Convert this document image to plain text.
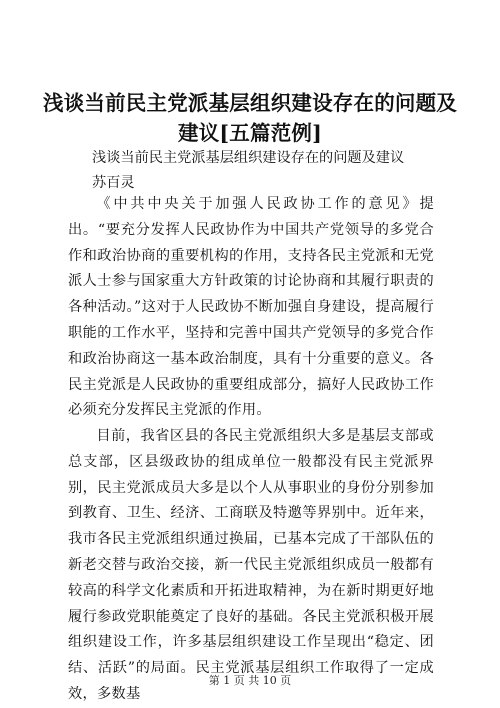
浅谈当前民主党派基层组织建设存在的问题及建议[五篇范例]
浅谈当前民主党派基层组织建设存在的问题及建议
苏百灵

《中共中央关于加强人民政协工作的意见》提出。“要充分发挥人民政协作为中国共产党领导的多党合作和政治协商的重要机构的作用，支持各民主党派和无党派人士参与国家重大方针政策的讨论协商和其履行职责的各种活动。”这对于人民政协不断加强自身建设，提高履行职能的工作水平，坚持和完善中国共产党领导的多党合作和政治协商这一基本政治制度，具有十分重要的意义。各民主党派是人民政协的重要组成部分，搞好人民政协工作必须充分发挥民主党派的作用。

目前，我省区县的各民主党派组织大多是基层支部或总支部，区县级政协的组成单位一般都没有民主党派界别，民主党派成员大多是以个人从事职业的身份分别参加到教育、卫生、经济、工商联及特邀等界别中。近年来，我市各民主党派组织通过换届，已基本完成了干部队伍的新老交替与政治交接，新一代民主党派组织成员一般都有较高的科学文化素质和开拓进取精神，为在新时期更好地履行参政党职能奠定了良好的基础。各民主党派积极开展组织建设工作，许多基层组织建设工作呈现出“稳定、团结、活跃”的局面。民主党派基层组织工作取得了一定成效，多数基

第 1 页 共 10 页
